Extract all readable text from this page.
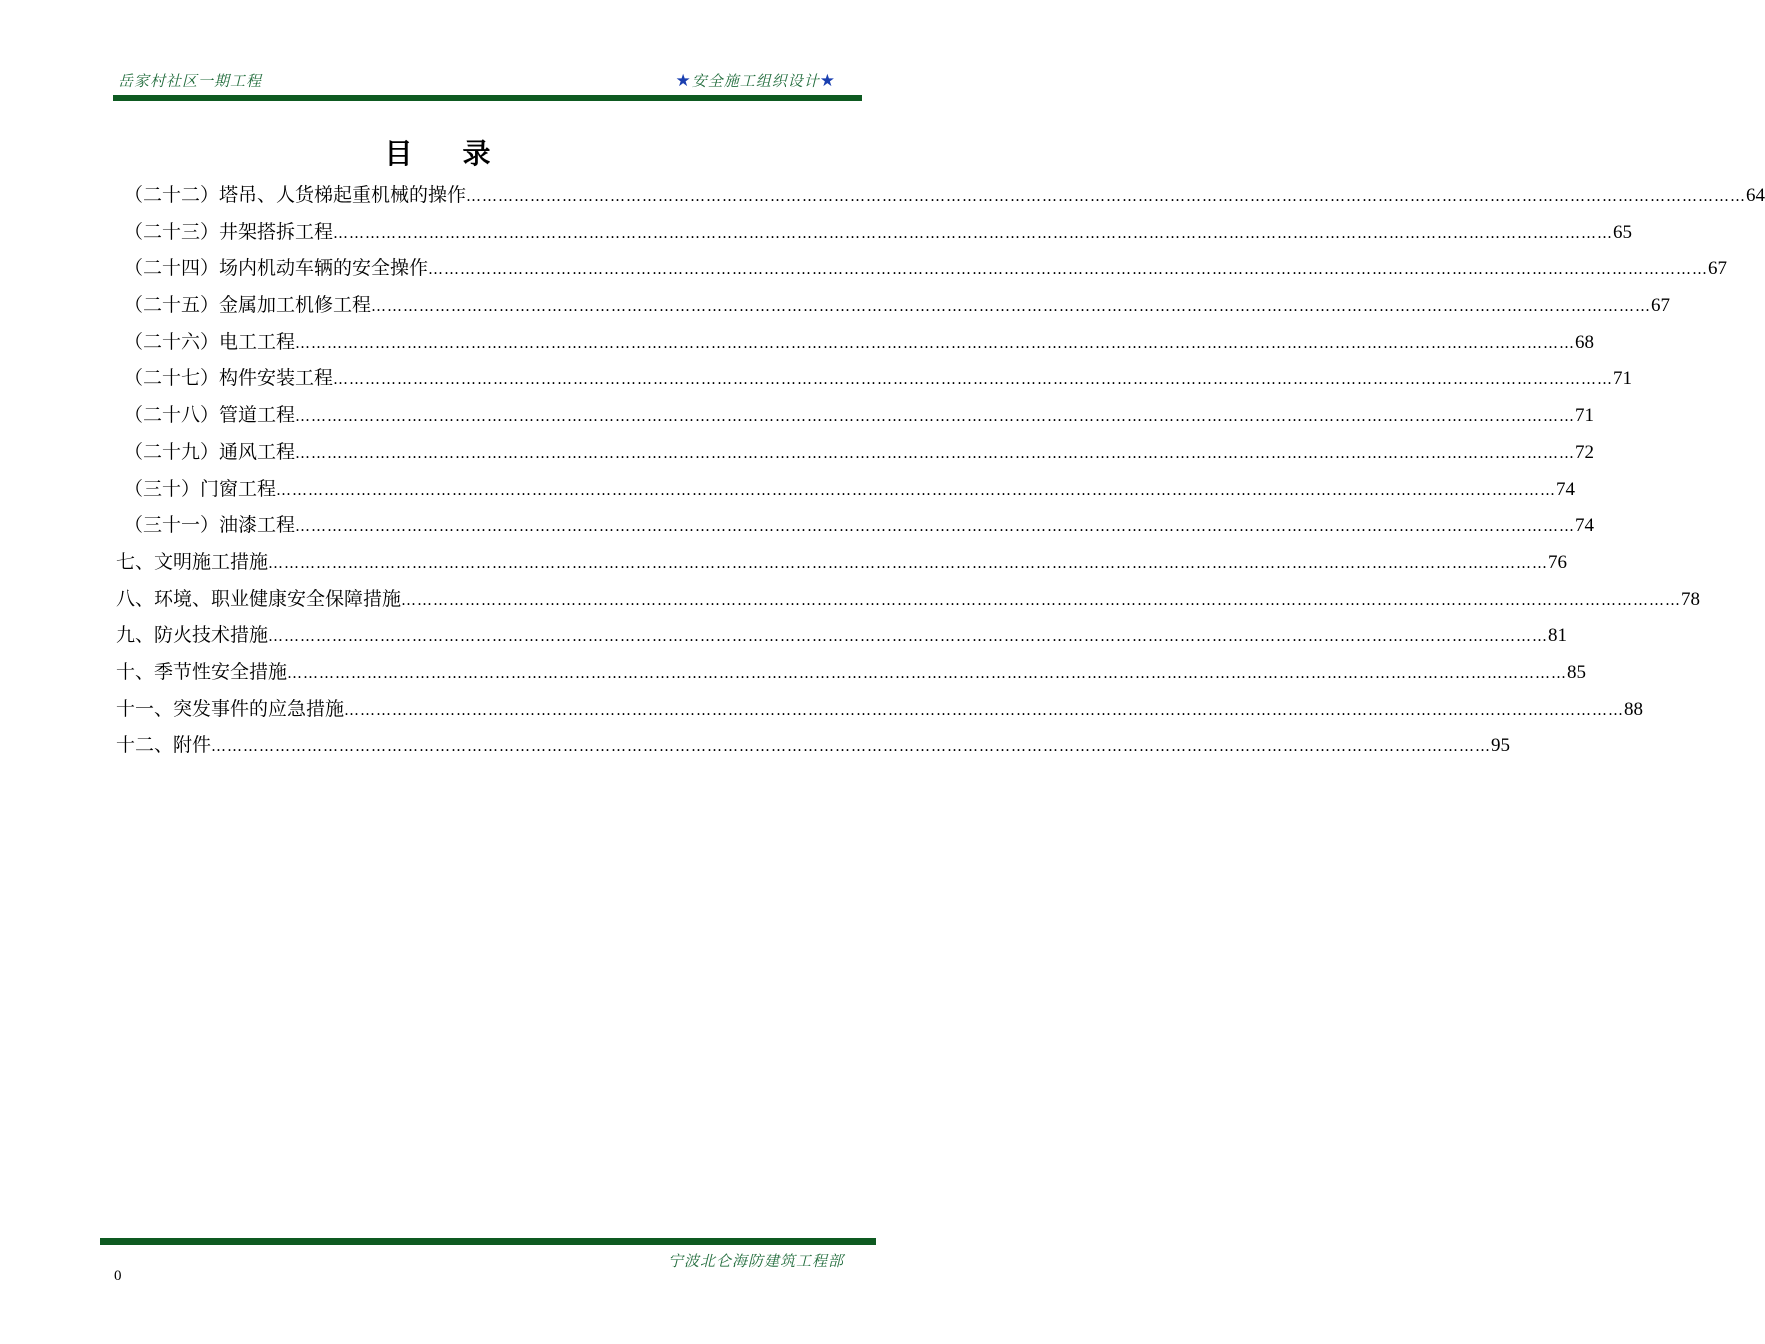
岳家村社区一期工程	★安全施工组织设计★
目录
（二十二）塔吊、人货梯起重机械的操作 …………………………………………………………………………………………………………………………………………………………………………………………………………………… 64
（二十三）井架搭拆工程 …………………………………………………………………………………………………………………………………………………………………………………………………………………… 65
（二十四）场内机动车辆的安全操作 …………………………………………………………………………………………………………………………………………………………………………………………………………………… 67
（二十五）金属加工机修工程 …………………………………………………………………………………………………………………………………………………………………………………………………………………… 67
（二十六）电工工程 …………………………………………………………………………………………………………………………………………………………………………………………………………………… 68
（二十七）构件安装工程 …………………………………………………………………………………………………………………………………………………………………………………………………………………… 71
（二十八）管道工程 …………………………………………………………………………………………………………………………………………………………………………………………………………………… 71
（二十九）通风工程 …………………………………………………………………………………………………………………………………………………………………………………………………………………… 72
（三十）门窗工程 …………………………………………………………………………………………………………………………………………………………………………………………………………………… 74
（三十一）油漆工程 …………………………………………………………………………………………………………………………………………………………………………………………………………………… 74
七、文明施工措施 …………………………………………………………………………………………………………………………………………………………………………………………………………………… 76
八、环境、职业健康安全保障措施 …………………………………………………………………………………………………………………………………………………………………………………………………………………… 78
九、防火技术措施 …………………………………………………………………………………………………………………………………………………………………………………………………………………… 81
十、季节性安全措施 …………………………………………………………………………………………………………………………………………………………………………………………………………………… 85
十一、突发事件的应急措施 …………………………………………………………………………………………………………………………………………………………………………………………………………………… 88
十二、附件 …………………………………………………………………………………………………………………………………………………………………………………………………………………… 95
宁波北仑海防建筑工程部
0
